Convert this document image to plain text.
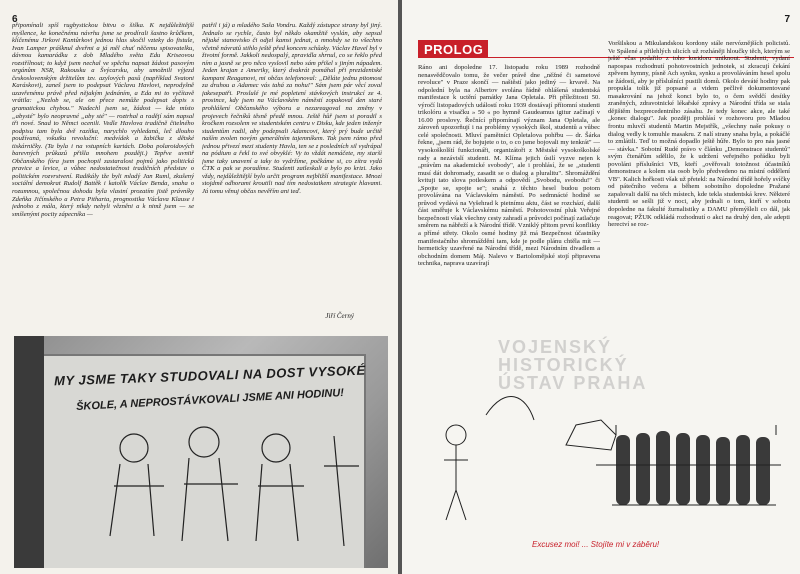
6
připomínali spíš rugbystickou bitvu o šiška. K nejdůležitější myšlence, ke konečnému návrhu jsme se prodírali šastno krůčkem, klíčenému Jirkovi Kantůrkovi jednou hlas skočil vzteky do fistule, Ivan Lamper prášknul dveřmi a já měl chuť něčemu spisovatelku, dávnou kamarádku z dob Mladého světa Edu Kriseovou rozstřílnout; to když jsem nechal ve spěchu napsat žádost pasovým orgánům NSR, Rakousku a Švýcarsku, aby umožnili výjezd československým držitelům tzv. azylových pasů (například Svatoni Karáskovi), zaneš jsem to podepsat Václavu Havlovi, neprodyšně uzavřenému právě před nějakým jednáním, a Eda mi to vyčítavě vrátila: „Nezlob se, ale on přece nemůže podepsat dopis s gramatickou chybou." Nadechl jsem se, žádost — kde místo „abysté" bylo neopravné „aby sté" — roztrhal a radějí sám napsal tři nové. Snad to Němci ocenili. Vedle Havlova tradičně čitelného podpisu tam byla dvě razítka, narychlo vyhledaná, leč dlouho používaná, vskutku revoluční: medvídek a žabička z dětské tiskárničky. (Ta byla i na vstupních kartách. Doba polaroidových barevných průkazů přišla mnohem později.) Tepřve uvnitř Občanského fóra jsem pochopil zastaralost pojmů jako politická pravice a levice, a vůbec nedostatečnost tradičních představ o politickém rozvrstvení. Radikály tže byli mladý Jan Ruml, zkušený sociální demokrat Rudolf Battěk i katolík Václav Benda, snaha o rozumnou, společnou dohodu byla vlastní prozatím jistě právníky Zdeňka Jičínského a Petra Pitharta, prognostika Václava Klause i jednoho z mála, který nikdy nebyli vězněni a k nimž jsem — se smíšenými pocity zápecníka —
patřil i já) a mladého Saša Vondru. Každý zástupce strany byl jiný. Jednalo se rychle, často byl někdo okamžitě vyslán, aby sepsal nějaké stanovisko či odjel kamsi jednat, a mnohdy se to všechno včetně návratů stihlo ještě před koncem schůzky. Václav Havel byl v životní formě. Jakkoli nedospalý, zpravidla shrnul, co se řeklo před ním a jasně se pro něco vyslovil nebo sám přišel s jiným nápadem. Jeden krajan z Ameriky, který dvakrát pomáhal při prezidentské kampani Reaganovi, mi občas telefonoval: „Děláte jednu pitomost za druhou a Adamec vás tahá za nohu!" Sám jsem pár věcí zoval jakesepatři. Proslulé je mé popletení stávkových instrukcí ze 4. prosince, kdy jsem na Václavském náměstí zopakoval den staré prohlášení Občanského výboru a nezareagoval na změny v projevech řečníků těsně předě mnou. Ještě hůř jsem si poradil s kročkem rozsolem ve studentském centru v Disku, kde jeden inženýr studentům radil, aby podepsali Adamcovi, který prý bude určitě naším zvolen novým generálním tajemníkem. Tak jsem rámo před jednou přivezí mezi studenty Havla, ten se z posledních sil vydrápal na pódium a řekl to své obvyklé: Vy to vždát nemáčete, my starší jsme taky unavení a taky to vydržíme, počkáme si, co zítra vydá ČTK a pak se poradíme. Studenti zatleskali a bylo po krizi. Jako vždy, nejdůležitější bylo určit program nejbližší manifestace. Mnozí stojdmě odhorami kroutili nad tím nedostatkem strategie hlavami. Já tomu věnuj občas nevěřím ani teď.
Jiří Černý
MY JSME TAKY STUDOVALI NA DOST VYSOKÉ
ŠKOLE, A NEPROSTÁVKOVALI JSME ANI HODINU!
7
PROLOG
Ráno ani dopoledne 17. listopadu roku 1989 rozhodně nenasvědčovalo tomu, že večer právě dne „něžné či sametové revoluce" v Praze skončí — naštěstí jako jediný — krvavě. Na odpolední byla na Albertov svolána řádně ohlášená studentská manifestace k uctění památky Jana Opletala. Při příležitosti 50. výročí listopadových událostí roku 1939 dostávají přítomní studenti trikolóru a visačku » 50 « po hymně Gaudeamus igitur začínají v 16.00 proslovy. Řečnící připomínají význam Jana Opletala, ale zároveň upozorňují i na problémy vysokých škol, studentů a vůbec celé společnosti. Mluví pamětníci Opletalova pohřbu — dr. Šárka řekne, „jsem rád, že bojujete o to, o co jsme bojovali my tenkrát" — vysokoškolští funkcionáři, organizátoři z Městské vysokoškolské rady a nezávislí studenti. M. Klíma jejich úsilí vyzve nejen k „právům na akademické svobody", ale i prohlásí, že se „studenti musí dát dohromady, zasadit se o dialog a pluralitu". Shromáždění kvituji tato slova potleskem a odpovědí „Svobodu, svobodu!" či „Spojte se, spojte se"; snahá z těchto hesel budou potom provolávána na Václavském náměstí. Po sedmnácté hodině se průvod vydává na Vyšehrad k pietnímu aktu, část se rozchází, další část směřuje k Václavskému náměstí. Pohotovostní pluk Veřejné bezpečnosti však všechny cesty zahradí a průvodci počínají zatlačuje směrem na nábřeží a k Národní třídě. Vzniklý přitom první konflikty a přímé střety. Okolo osmé hodiny již má Bezpečnost účastníky manifestačního shromáždění tam, kde je podle plánu chtěla mít — hermeticky uzavřené na Národní třídě, mezi Národním divadlem a obchodním domem Máj. Nalevo v Bartolomějské stojí připravena technika, naprava uzavírají
Voršilskou a Mikulandskou kordony stále nervóznějších policistů. Ve Spálené a přilehlých ulicích už rozháněji hloučky těch, kterým se ještě včas podařilo z toho koridoru uniknout. Studenti, vydaní napospas rozhodnutí pohotovostních jednotek, si zkracují čekání zpěvem hymny, písně Ach synku, synku a provoláváním hesel spolu se žádostí, aby je příslušníci pustili domů. Okolo deváté hodiny pak propukla tolik již popsané a videm pečlivě dokumentované masakrování na jehož konci bylo to, o čem svědčí desítky zraněných, zdravotnické lékařské zprávy a Národní třída se stala dějištěm bezprecedentního zásahu. Je tedy konec akce, ale také „konec dialogu". Jak později prohlásí v rozhovoru pro Mladou frontu mluvčí studentů Martin Mejstřík, „všechny naše pokusy o dialog vedly k tomuhle masakru. Z nalí strany snaha byla, a pokáčlé to zmlátili. Teď to možná dopadlo ještě hůře. Bylo to pro nás jasné — stávka." Sobotní Rudé právo v článku „Demonstrace studentů" svým čtenářům sdělilo, že k udržení veřejného pořádku byli povoláni příslušníci VB, kteří „ověřovali totožnost účastníků demonstrace a kolem sta osob bylo předvedeno na místní oddělení VB". Kalich hořkosti však už přetekl: na Národní třídě hořely svíčky od pátečního večera a během sobotního dopoledne Pražané zapalovali další na těch místech, kde tekla studentská krev. Některé studenti se sešli již v noci, aby jednali o tom, kteří v sobotu dopoledne na fakulté žurnalistiky a DAMU přemýšleli co dál, jak reagovat; PŽUK odkládá rozhodnutí o akci na druhý den, ale adepti herectví se roz-
VOJENSKÝ HISTORICKÝ ÚSTAV PRAHA
Excusez moi! ... Stojíte mi v záběru!
